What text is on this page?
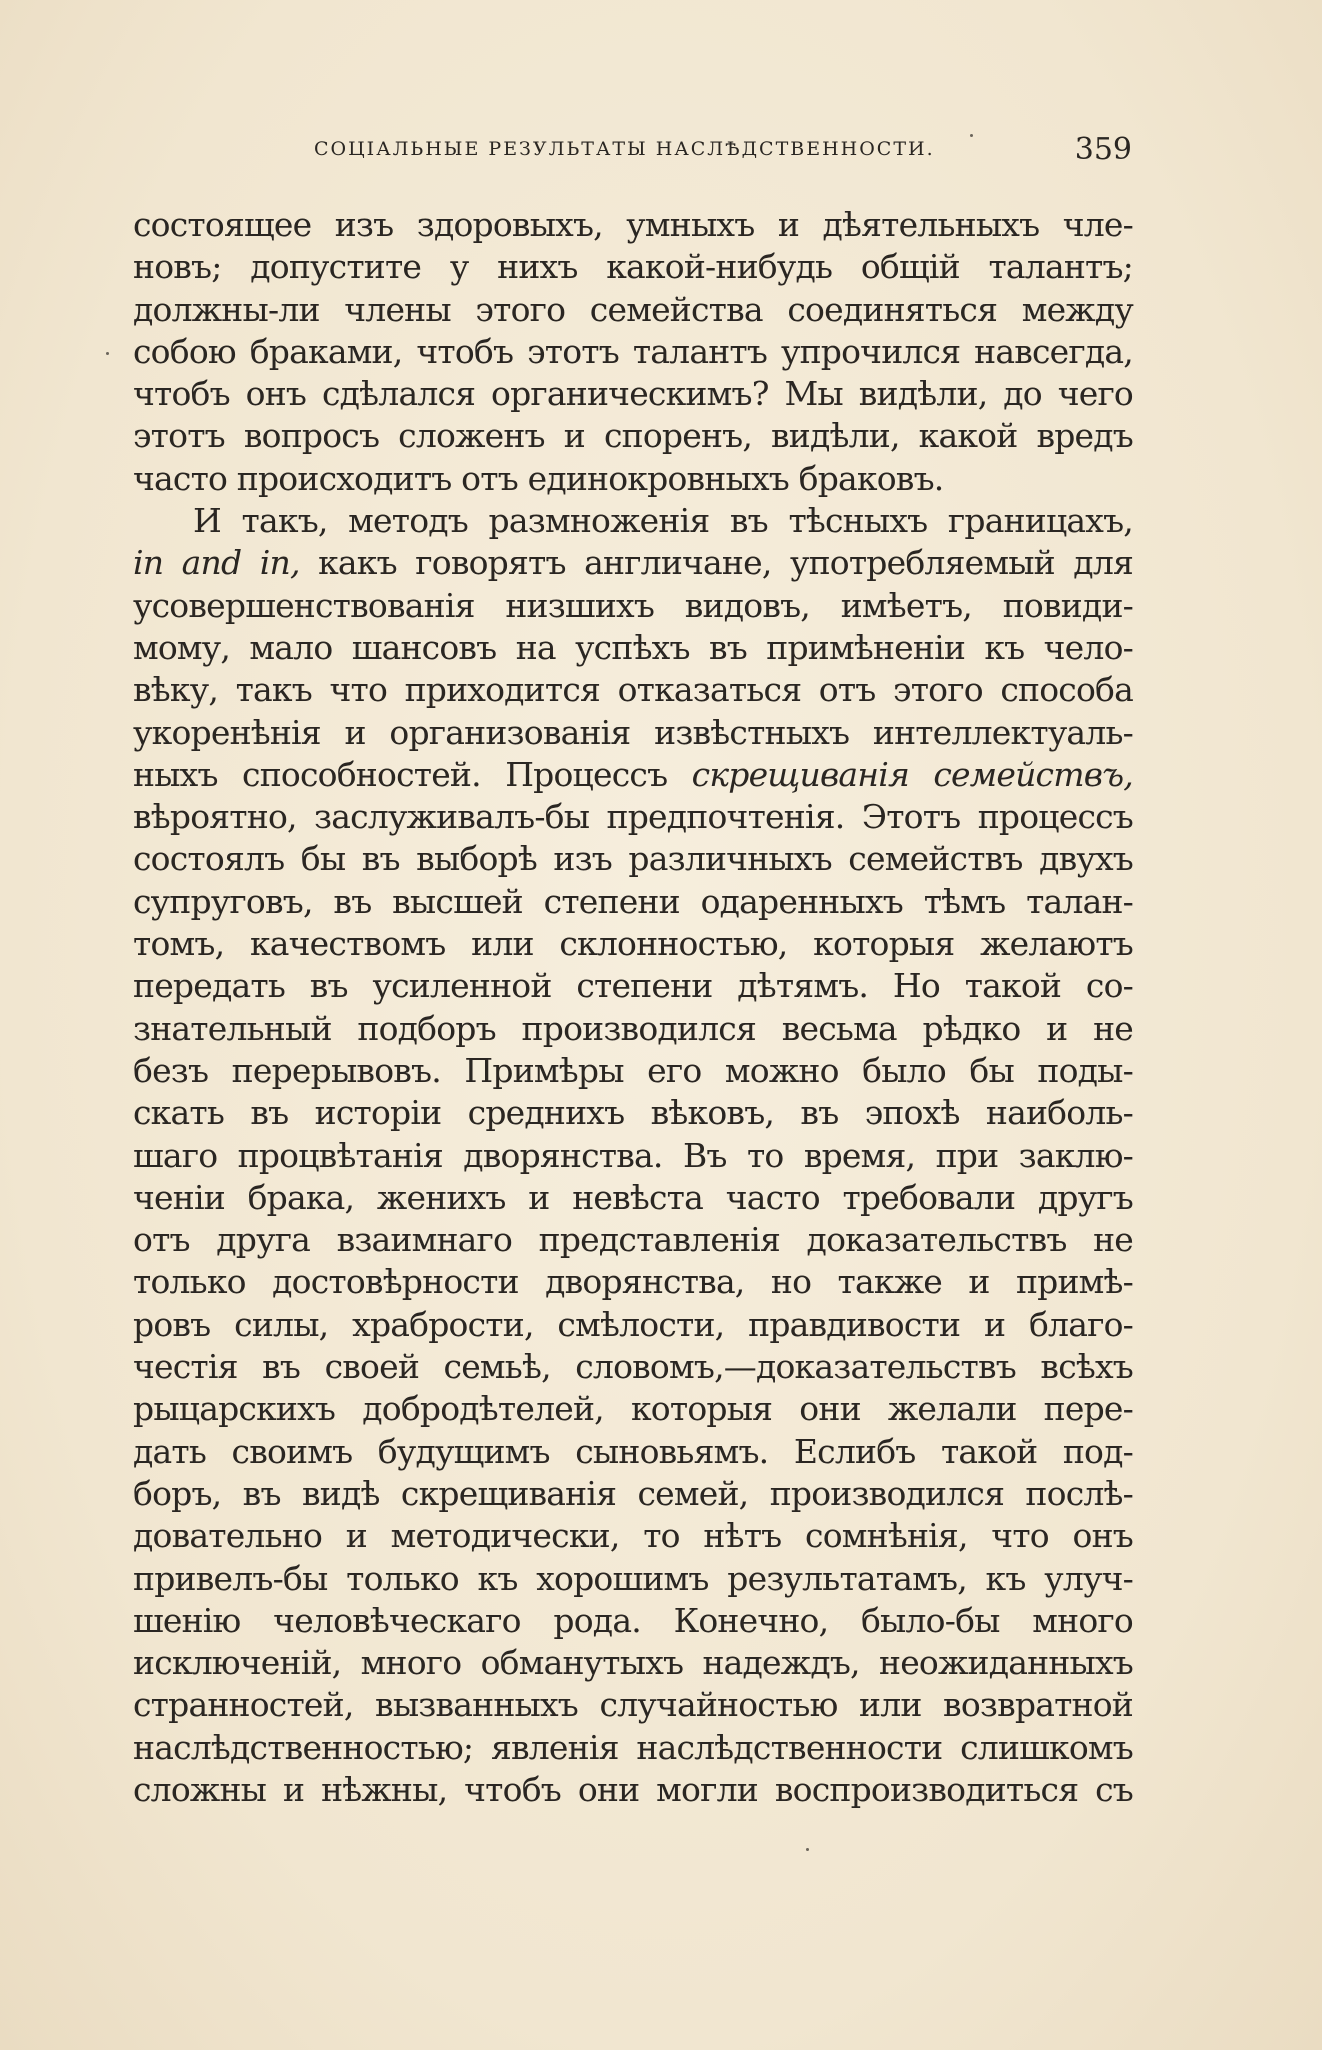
СОЦІАЛЬНЫЕ РЕЗУЛЬТАТЫ НАСЛѢДСТВЕННОСТИ.	359
состоящее изъ здоровыхъ, умныхъ и дѣятельныхъ чле-
новъ; допустите у нихъ какой-нибудь общій талантъ;
должны-ли члены этого семейства соединяться между
собою браками, чтобъ этотъ талантъ упрочился навсегда,
чтобъ онъ сдѣлался органическимъ? Мы видѣли, до чего
этотъ вопросъ сложенъ и споренъ, видѣли, какой вредъ
часто происходитъ отъ единокровныхъ браковъ.
И такъ, методъ размноженія въ тѣсныхъ границахъ,
in and in, какъ говорятъ англичане, употребляемый для
усовершенствованія низшихъ видовъ, имѣетъ, повиди-
мому, мало шансовъ на успѣхъ въ примѣненіи къ чело-
вѣку, такъ что приходится отказаться отъ этого способа
укоренѣнія и организованія извѣстныхъ интеллектуаль-
ныхъ способностей. Процессъ скрещиванія семействъ,
вѣроятно, заслуживалъ-бы предпочтенія. Этотъ процессъ
состоялъ бы въ выборѣ изъ различныхъ семействъ двухъ
супруговъ, въ высшей степени одаренныхъ тѣмъ талан-
томъ, качествомъ или склонностью, которыя желаютъ
передать въ усиленной степени дѣтямъ. Но такой со-
знательный подборъ производился весьма рѣдко и не
безъ перерывовъ. Примѣры его можно было бы поды-
скать въ исторіи среднихъ вѣковъ, въ эпохѣ наиболь-
шаго процвѣтанія дворянства. Въ то время, при заклю-
ченіи брака, женихъ и невѣста часто требовали другъ
отъ друга взаимнаго представленія доказательствъ не
только достовѣрности дворянства, но также и примѣ-
ровъ силы, храбрости, смѣлости, правдивости и благо-
честія въ своей семьѣ, словомъ,—доказательствъ всѣхъ
рыцарскихъ добродѣтелей, которыя они желали пере-
дать своимъ будущимъ сыновьямъ. Еслибъ такой под-
боръ, въ видѣ скрещиванія семей, производился послѣ-
довательно и методически, то нѣтъ сомнѣнія, что онъ
привелъ-бы только къ хорошимъ результатамъ, къ улуч-
шенію человѣческаго рода. Конечно, было-бы много
исключеній, много обманутыхъ надеждъ, неожиданныхъ
странностей, вызванныхъ случайностью или возвратной
наслѣдственностью; явленія наслѣдственности слишкомъ
сложны и нѣжны, чтобъ они могли воспроизводиться съ
